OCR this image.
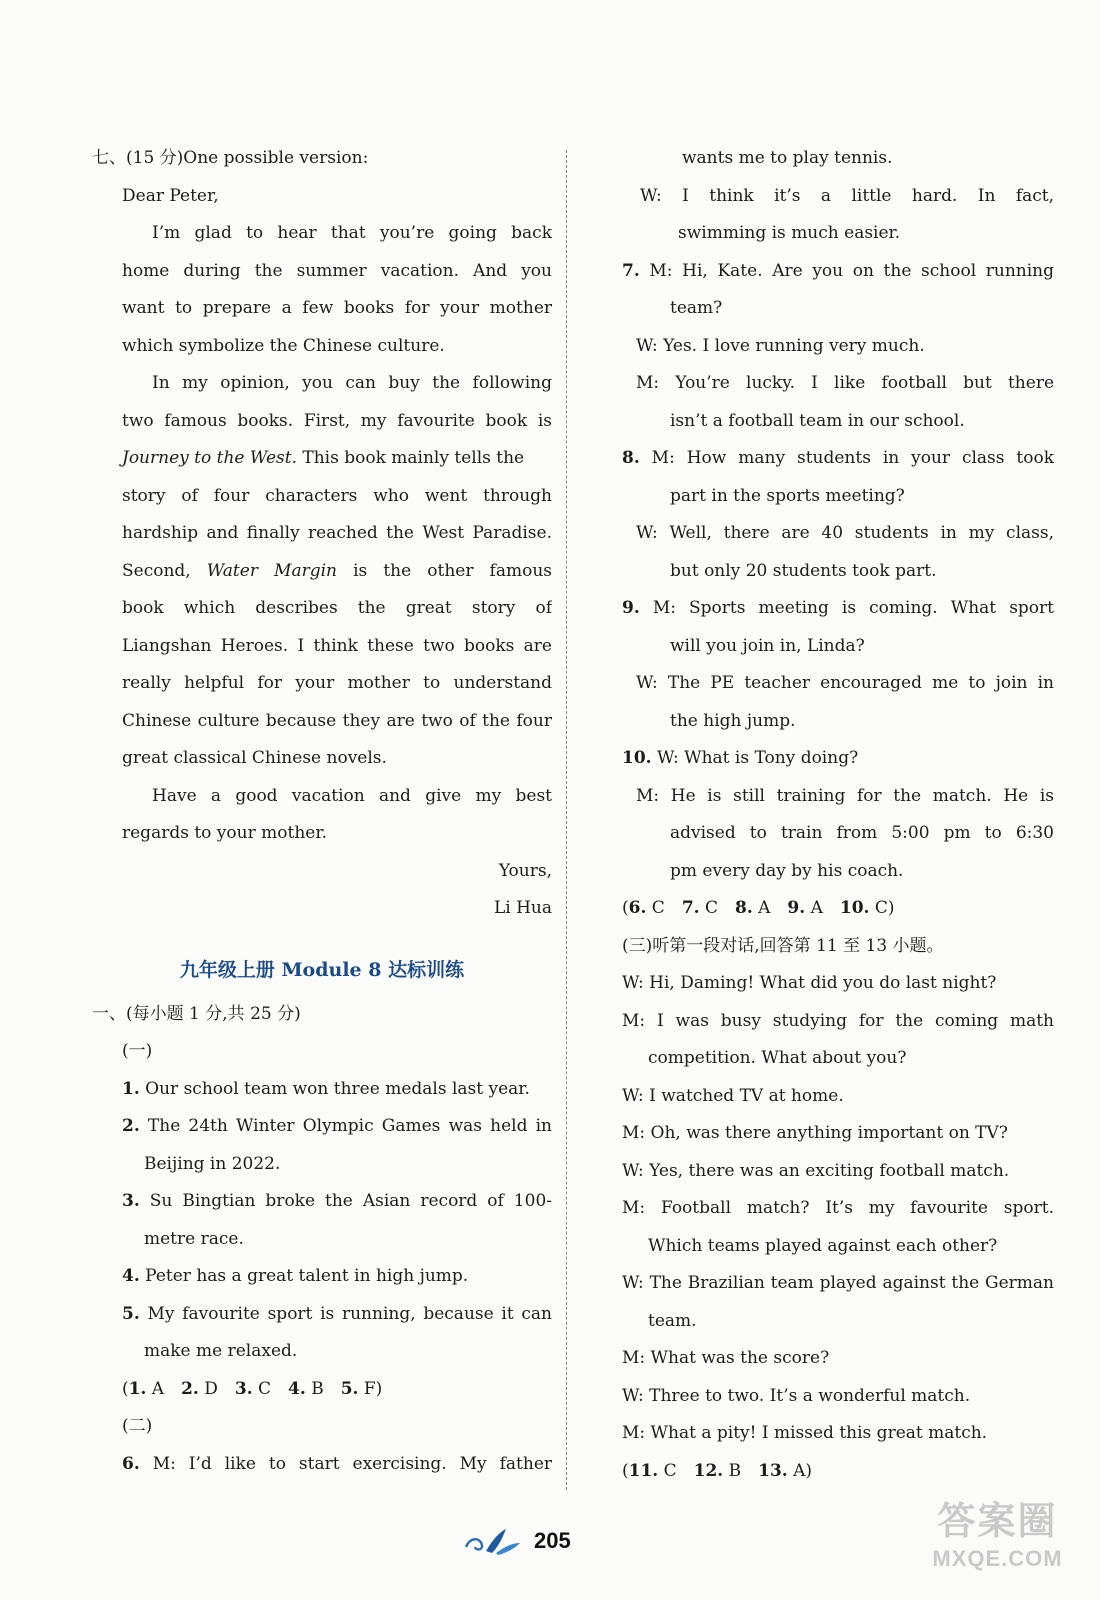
七、(15 分)One possible version:
Dear Peter,
I’m glad to hear that you’re going back
home during the summer vacation. And you
want to prepare a few books for your mother
which symbolize the Chinese culture.
In my opinion, you can buy the following
two famous books. First, my favourite book is
Journey to the West. This book mainly tells the
story of four characters who went through
hardship and finally reached the West Paradise.
Second, Water Margin is the other famous
book which describes the great story of
Liangshan Heroes. I think these two books are
really helpful for your mother to understand
Chinese culture because they are two of the four
great classical Chinese novels.
Have a good vacation and give my best
regards to your mother.
Yours,
Li Hua
九年级上册 Module 8 达标训练
一、(每小题 1 分,共 25 分)
(一)
1. Our school team won three medals last year.
2. The 24th Winter Olympic Games was held in
Beijing in 2022.
3. Su Bingtian broke the Asian record of 100-
metre race.
4. Peter has a great talent in high jump.
5. My favourite sport is running, because it can
make me relaxed.
(1. A   2. D   3. C   4. B   5. F)
(二)
6. M: I’d like to start exercising. My father
wants me to play tennis.
W: I think it’s a little hard. In fact,
swimming is much easier.
7. M: Hi, Kate. Are you on the school running
team?
W: Yes. I love running very much.
M: You’re lucky. I like football but there
isn’t a football team in our school.
8. M: How many students in your class took
part in the sports meeting?
W: Well, there are 40 students in my class,
but only 20 students took part.
9. M: Sports meeting is coming. What sport
will you join in, Linda?
W: The PE teacher encouraged me to join in
the high jump.
10. W: What is Tony doing?
M: He is still training for the match. He is
advised to train from 5:00 pm to 6:30
pm every day by his coach.
(6. C   7. C   8. A   9. A   10. C)
(三)听第一段对话,回答第 11 至 13 小题。
W: Hi, Daming! What did you do last night?
M: I was busy studying for the coming math
competition. What about you?
W: I watched TV at home.
M: Oh, was there anything important on TV?
W: Yes, there was an exciting football match.
M: Football match? It’s my favourite sport.
Which teams played against each other?
W: The Brazilian team played against the German
team.
M: What was the score?
W: Three to two. It’s a wonderful match.
M: What a pity! I missed this great match.
(11. C   12. B   13. A)
205	答案圈
MXQE.COM
